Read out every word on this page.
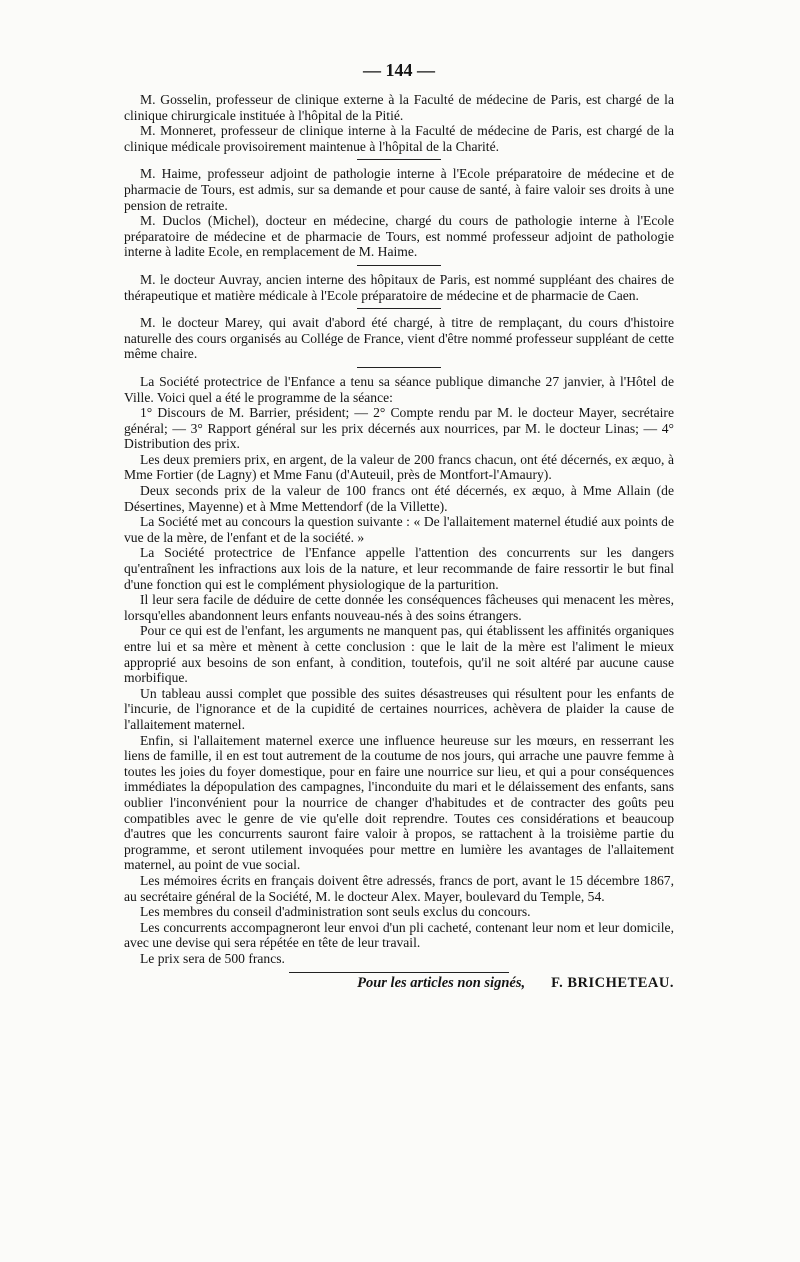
— 144 —

M. Gosselin, professeur de clinique externe à la Faculté de médecine de Paris, est chargé de la clinique chirurgicale instituée à l'hôpital de la Pitié.

M. Monneret, professeur de clinique interne à la Faculté de médecine de Paris, est chargé de la clinique médicale provisoirement maintenue à l'hôpital de la Charité.

M. Haime, professeur adjoint de pathologie interne à l'Ecole préparatoire de médecine et de pharmacie de Tours, est admis, sur sa demande et pour cause de santé, à faire valoir ses droits à une pension de retraite.

M. Duclos (Michel), docteur en médecine, chargé du cours de pathologie interne à l'Ecole préparatoire de médecine et de pharmacie de Tours, est nommé professeur adjoint de pathologie interne à ladite Ecole, en remplacement de M. Haime.

M. le docteur Auvray, ancien interne des hôpitaux de Paris, est nommé suppléant des chaires de thérapeutique et matière médicale à l'Ecole préparatoire de médecine et de pharmacie de Caen.

M. le docteur Marey, qui avait d'abord été chargé, à titre de remplaçant, du cours d'histoire naturelle des cours organisés au Collége de France, vient d'être nommé professeur suppléant de cette même chaire.

La Société protectrice de l'Enfance a tenu sa séance publique dimanche 27 janvier, à l'Hôtel de Ville. Voici quel a été le programme de la séance:

1° Discours de M. Barrier, président; — 2° Compte rendu par M. le docteur Mayer, secrétaire général; — 3° Rapport général sur les prix décernés aux nourrices, par M. le docteur Linas; — 4° Distribution des prix.

Les deux premiers prix, en argent, de la valeur de 200 francs chacun, ont été décernés, ex æquo, à Mme Fortier (de Lagny) et Mme Fanu (d'Auteuil, près de Montfort-l'Amaury).

Deux seconds prix de la valeur de 100 francs ont été décernés, ex æquo, à Mme Allain (de Désertines, Mayenne) et à Mme Mettendorf (de la Villette).

La Société met au concours la question suivante : « De l'allaitement maternel étudié aux points de vue de la mère, de l'enfant et de la société. »

La Société protectrice de l'Enfance appelle l'attention des concurrents sur les dangers qu'entraînent les infractions aux lois de la nature, et leur recommande de faire ressortir le but final d'une fonction qui est le complément physiologique de la parturition.

Il leur sera facile de déduire de cette donnée les conséquences fâcheuses qui menacent les mères, lorsqu'elles abandonnent leurs enfants nouveau-nés à des soins étrangers.

Pour ce qui est de l'enfant, les arguments ne manquent pas, qui établissent les affinités organiques entre lui et sa mère et mènent à cette conclusion : que le lait de la mère est l'aliment le mieux approprié aux besoins de son enfant, à condition, toutefois, qu'il ne soit altéré par aucune cause morbifique.

Un tableau aussi complet que possible des suites désastreuses qui résultent pour les enfants de l'incurie, de l'ignorance et de la cupidité de certaines nourrices, achèvera de plaider la cause de l'allaitement maternel.

Enfin, si l'allaitement maternel exerce une influence heureuse sur les mœurs, en resserrant les liens de famille, il en est tout autrement de la coutume de nos jours, qui arrache une pauvre femme à toutes les joies du foyer domestique, pour en faire une nourrice sur lieu, et qui a pour conséquences immédiates la dépopulation des campagnes, l'inconduite du mari et le délaissement des enfants, sans oublier l'inconvénient pour la nourrice de changer d'habitudes et de contracter des goûts peu compatibles avec le genre de vie qu'elle doit reprendre. Toutes ces considérations et beaucoup d'autres que les concurrents sauront faire valoir à propos, se rattachent à la troisième partie du programme, et seront utilement invoquées pour mettre en lumière les avantages de l'allaitement maternel, au point de vue social.

Les mémoires écrits en français doivent être adressés, francs de port, avant le 15 décembre 1867, au secrétaire général de la Société, M. le docteur Alex. Mayer, boulevard du Temple, 54.

Les membres du conseil d'administration sont seuls exclus du concours.

Les concurrents accompagneront leur envoi d'un pli cacheté, contenant leur nom et leur domicile, avec une devise qui sera répétée en tête de leur travail.

Le prix sera de 500 francs.

Pour les articles non signés, F. BRICHETEAU.
